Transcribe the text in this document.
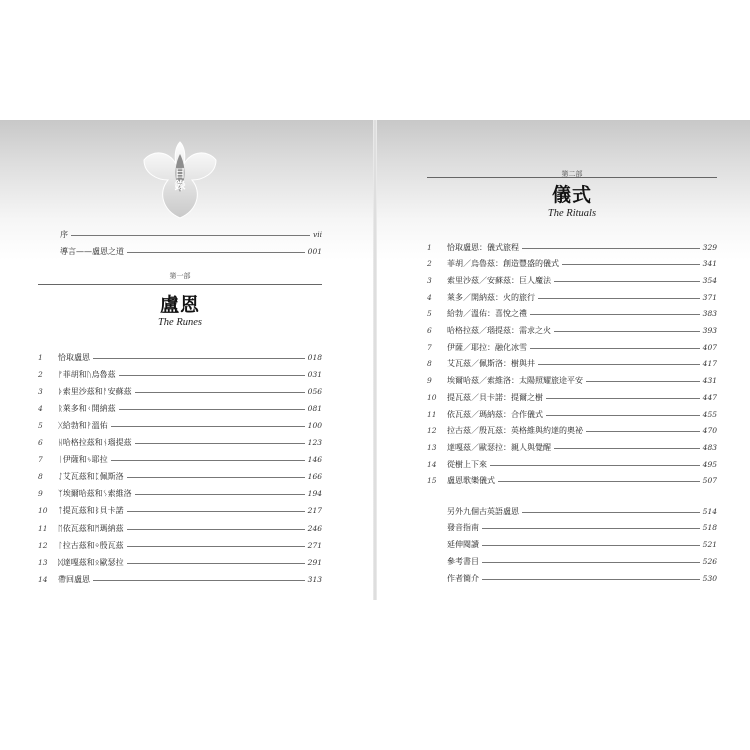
目錄
序	vii
導言——盧恩之道	001
第一部
盧恩
The Runes
1	恰取盧恩	018
2	ᚠ菲胡和ᚢ烏魯茲	031
3	ᚦ索里沙茲和ᚨ安蘇茲	056
4	ᚱ萊多和ᚲ開納茲	081
5	ᚷ給勃和ᚹ溫佑	100
6	ᚺ哈格拉茲和ᚾ瑙提茲	123
7	ᛁ伊薩和ᛃ耶拉	146
8	ᛇ艾瓦茲和ᛈ佩斯洛	166
9	ᛉ埃爾哈茲和ᛊ索維洛	194
10	ᛏ提瓦茲和ᛒ貝卡諾	217
11	ᛖ依瓦茲和ᛗ瑪納茲	246
12	ᛚ拉古茲和ᛜ殷瓦茲	271
13	ᛞ達嘎茲和ᛟ歐瑟拉	291
14	帶回盧恩	313
第二部
儀式
The Rituals
1	恰取盧恩：儀式旅程	329
2	菲胡／烏魯茲：創造豐盛的儀式	341
3	索里沙茲／安蘇茲：巨人魔法	354
4	萊多／開納茲：火的旅行	371
5	給勃／溫佑：喜悅之禮	383
6	哈格拉茲／瑙提茲：需求之火	393
7	伊薩／耶拉：融化冰雪	407
8	艾瓦茲／佩斯洛：樹與井	417
9	埃爾哈茲／索維洛：太陽照耀旅途平安	431
10	提瓦茲／貝卡諾：提爾之樹	447
11	依瓦茲／瑪納茲：合作儀式	455
12	拉古茲／殷瓦茲：英格維與約達的奧祕	470
13	達嘎茲／歐瑟拉：親人與覺醒	483
14	從樹上下來	495
15	盧恩歌樂儀式	507
另外九個古英語盧恩	514
發音指南	518
延伸閱讀	521
參考書目	526
作者簡介	530
